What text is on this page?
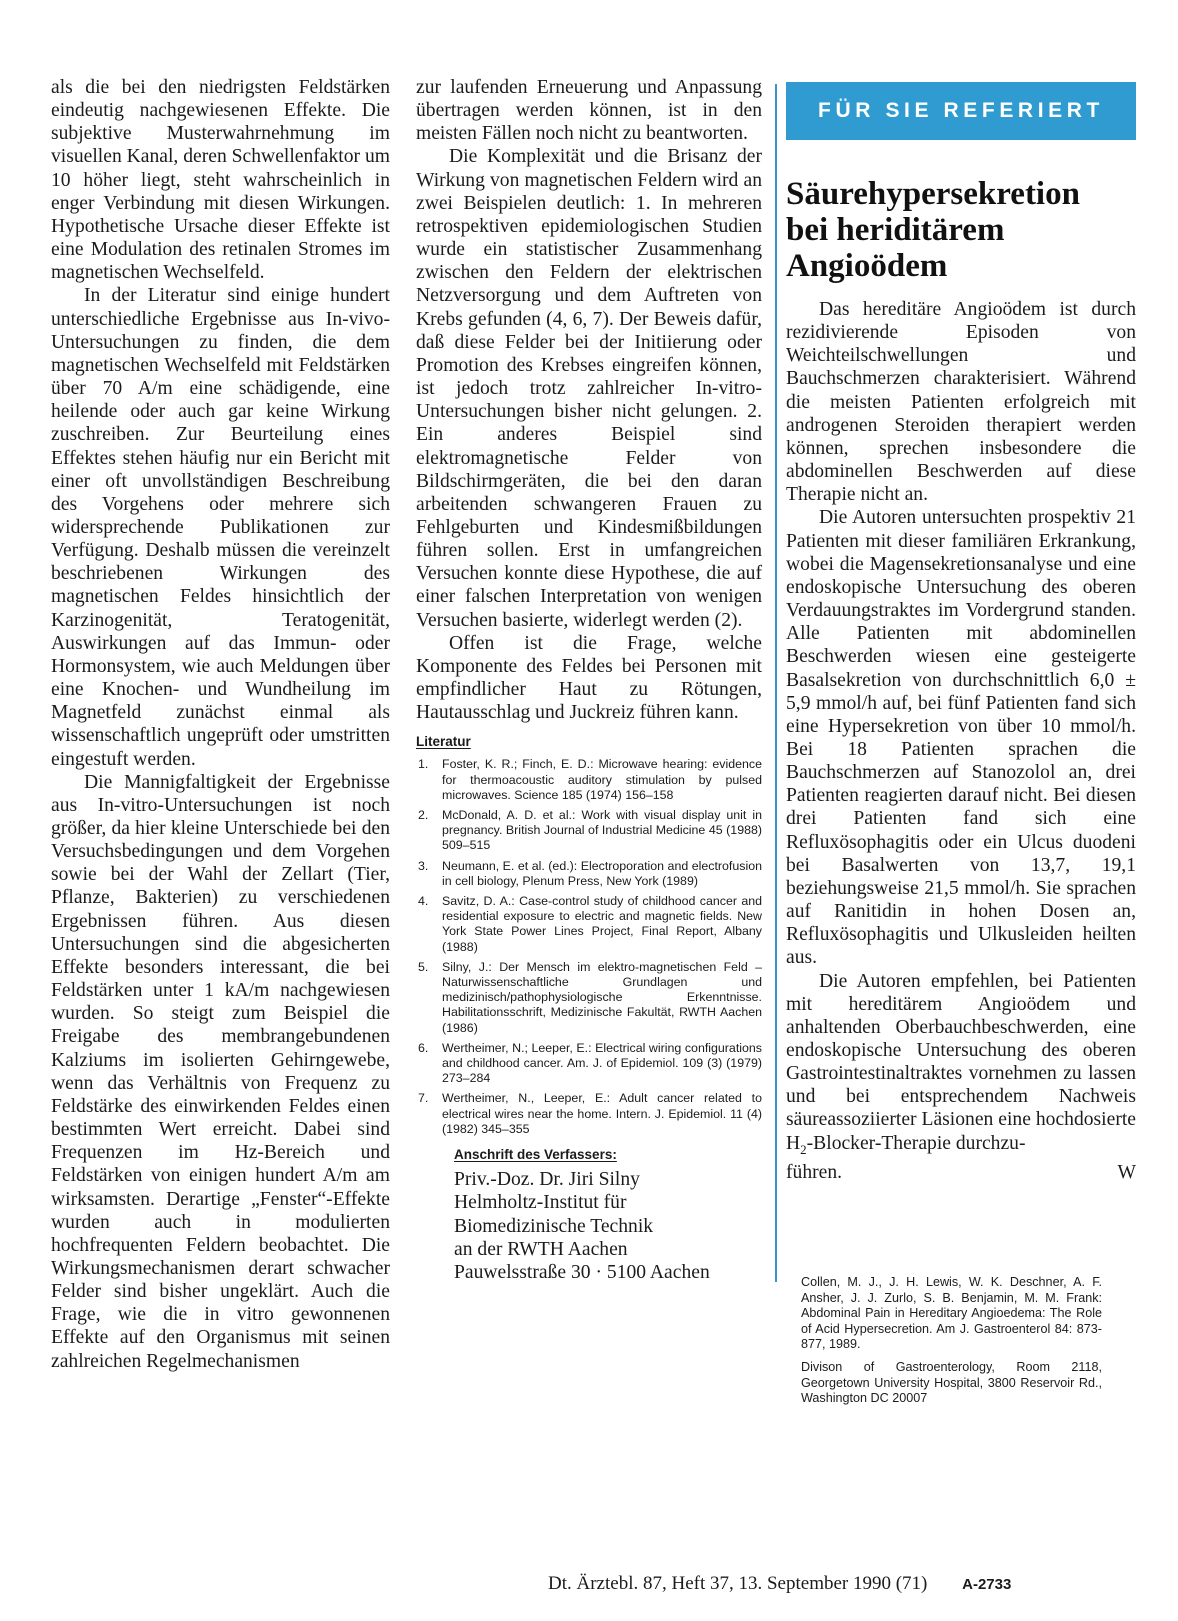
als die bei den niedrigsten Feldstärken eindeutig nachgewiesenen Effekte. Die subjektive Musterwahrnehmung im visuellen Kanal, deren Schwellenfaktor um 10 höher liegt, steht wahrscheinlich in enger Verbindung mit diesen Wirkungen. Hypothetische Ursache dieser Effekte ist eine Modulation des retinalen Stromes im magnetischen Wechselfeld.

In der Literatur sind einige hundert unterschiedliche Ergebnisse aus In-vivo-Untersuchungen zu finden, die dem magnetischen Wechselfeld mit Feldstärken über 70 A/m eine schädigende, eine heilende oder auch gar keine Wirkung zuschreiben. Zur Beurteilung eines Effektes stehen häufig nur ein Bericht mit einer oft unvollständigen Beschreibung des Vorgehens oder mehrere sich widersprechende Publikationen zur Verfügung. Deshalb müssen die vereinzelt beschriebenen Wirkungen des magnetischen Feldes hinsichtlich der Karzinogenität, Teratogenität, Auswirkungen auf das Immun- oder Hormonsystem, wie auch Meldungen über eine Knochen- und Wundheilung im Magnetfeld zunächst einmal als wissenschaftlich ungeprüft oder umstritten eingestuft werden.

Die Mannigfaltigkeit der Ergebnisse aus In-vitro-Untersuchungen ist noch größer, da hier kleine Unterschiede bei den Versuchsbedingungen und dem Vorgehen sowie bei der Wahl der Zellart (Tier, Pflanze, Bakterien) zu verschiedenen Ergebnissen führen. Aus diesen Untersuchungen sind die abgesicherten Effekte besonders interessant, die bei Feldstärken unter 1 kA/m nachgewiesen wurden. So steigt zum Beispiel die Freigabe des membrangebundenen Kalziums im isolierten Gehirngewebe, wenn das Verhältnis von Frequenz zu Feldstärke des einwirkenden Feldes einen bestimmten Wert erreicht. Dabei sind Frequenzen im Hz-Bereich und Feldstärken von einigen hundert A/m am wirksamsten. Derartige „Fenster“-Effekte wurden auch in modulierten hochfrequenten Feldern beobachtet. Die Wirkungsmechanismen derart schwacher Felder sind bisher ungeklärt. Auch die Frage, wie die in vitro gewonnenen Effekte auf den Organismus mit seinen zahlreichen Regelmechanismen

zur laufenden Erneuerung und Anpassung übertragen werden können, ist in den meisten Fällen noch nicht zu beantworten.

Die Komplexität und die Brisanz der Wirkung von magnetischen Feldern wird an zwei Beispielen deutlich: 1. In mehreren retrospektiven epidemiologischen Studien wurde ein statistischer Zusammenhang zwischen den Feldern der elektrischen Netzversorgung und dem Auftreten von Krebs gefunden (4, 6, 7). Der Beweis dafür, daß diese Felder bei der Initiierung oder Promotion des Krebses eingreifen können, ist jedoch trotz zahlreicher In-vitro-Untersuchungen bisher nicht gelungen. 2. Ein anderes Beispiel sind elektromagnetische Felder von Bildschirmgeräten, die bei den daran arbeitenden schwangeren Frauen zu Fehlgeburten und Kindesmißbildungen führen sollen. Erst in umfangreichen Versuchen konnte diese Hypothese, die auf einer falschen Interpretation von wenigen Versuchen basierte, widerlegt werden (2).

Offen ist die Frage, welche Komponente des Feldes bei Personen mit empfindlicher Haut zu Rötungen, Hautausschlag und Juckreiz führen kann.

Literatur
1. Foster, K. R.; Finch, E. D.: Microwave hearing: evidence for thermoacoustic auditory stimulation by pulsed microwaves. Science 185 (1974) 156–158
2. McDonald, A. D. et al.: Work with visual display unit in pregnancy. British Journal of Industrial Medicine 45 (1988) 509–515
3. Neumann, E. et al. (ed.): Electroporation and electrofusion in cell biology, Plenum Press, New York (1989)
4. Savitz, D. A.: Case-control study of childhood cancer and residential exposure to electric and magnetic fields. New York State Power Lines Project, Final Report, Albany (1988)
5. Silny, J.: Der Mensch im elektro-magnetischen Feld – Naturwissenschaftliche Grundlagen und medizinisch/pathophysiologische Erkenntnisse. Habilitationsschrift, Medizinische Fakultät, RWTH Aachen (1986)
6. Wertheimer, N.; Leeper, E.: Electrical wiring configurations and childhood cancer. Am. J. of Epidemiol. 109 (3) (1979) 273–284
7. Wertheimer, N., Leeper, E.: Adult cancer related to electrical wires near the home. Intern. J. Epidemiol. 11 (4) (1982) 345–355
Anschrift des Verfassers:
Priv.-Doz. Dr. Jiri Silny
Helmholtz-Institut für
Biomedizinische Technik
an der RWTH Aachen
Pauwelsstraße 30 · 5100 Aachen
FÜR SIE REFERIERT
Säurehypersekretion
bei heriditärem
Angioödem

Das hereditäre Angioödem ist durch rezidivierende Episoden von Weichteilschwellungen und Bauchschmerzen charakterisiert. Während die meisten Patienten erfolgreich mit androgenen Steroiden therapiert werden können, sprechen insbesondere die abdominellen Beschwerden auf diese Therapie nicht an.

Die Autoren untersuchten prospektiv 21 Patienten mit dieser familiären Erkrankung, wobei die Magensekretionsanalyse und eine endoskopische Untersuchung des oberen Verdauungstraktes im Vordergrund standen. Alle Patienten mit abdominellen Beschwerden wiesen eine gesteigerte Basalsekretion von durchschnittlich 6,0 ± 5,9 mmol/h auf, bei fünf Patienten fand sich eine Hypersekretion von über 10 mmol/h. Bei 18 Patienten sprachen die Bauchschmerzen auf Stanozolol an, drei Patienten reagierten darauf nicht. Bei diesen drei Patienten fand sich eine Refluxösophagitis oder ein Ulcus duodeni bei Basalwerten von 13,7, 19,1 beziehungsweise 21,5 mmol/h. Sie sprachen auf Ranitidin in hohen Dosen an, Refluxösophagitis und Ulkusleiden heilten aus.

Die Autoren empfehlen, bei Patienten mit hereditärem Angioödem und anhaltenden Oberbauchbeschwerden, eine endoskopische Untersuchung des oberen Gastrointestinaltraktes vornehmen zu lassen und bei entsprechendem Nachweis säureassoziierter Läsionen eine hochdosierte $H_2-Blocker$-Therapie durchzu-

führen.	W

Collen, M. J., J. H. Lewis, W. K. Deschner, A. F. Ansher, J. J. Zurlo, S. B. Benjamin, M. M. Frank: Abdominal Pain in Hereditary Angioedema: The Role of Acid Hypersecretion. Am J. Gastroenterol 84: 873-877, 1989.

Divison of Gastroenterology, Room 2118, Georgetown University Hospital, 3800 Reservoir Rd., Washington DC 20007

Dt. Ärztebl. 87, Heft 37, 13. September 1990 (71) A-2733
